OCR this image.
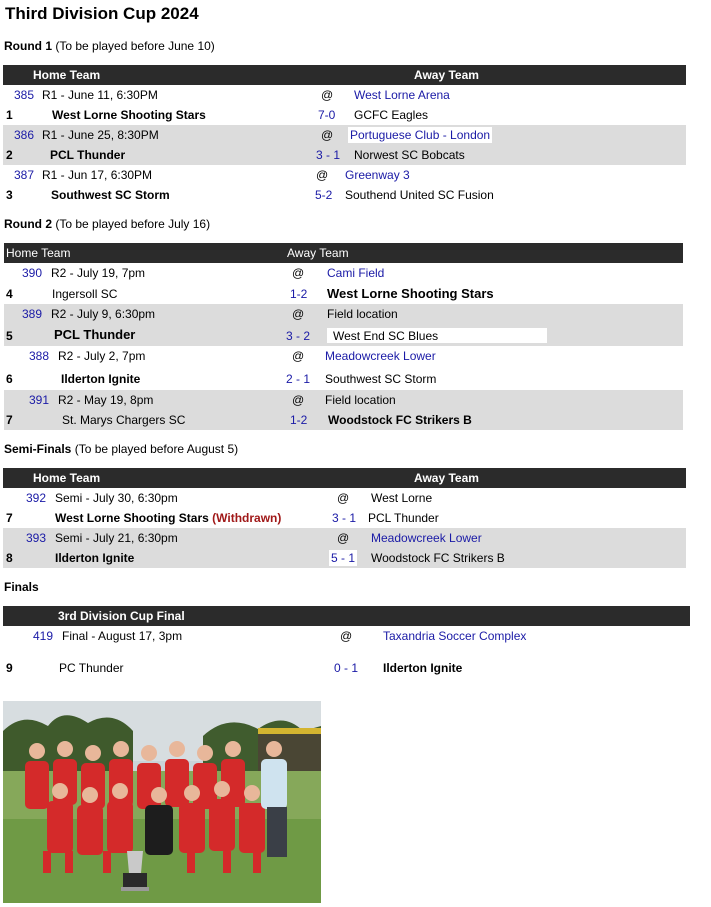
Third Division Cup 2024
Round 1 (To be played before June 10)
Home Team	Away Team
385 R1 - June 11, 6:30PM	@ West Lorne Arena
1	West Lorne Shooting Stars	7-0 GCFC Eagles
386 R1 - June 25, 8:30PM	@ Portuguese Club - London
2	PCL Thunder	3 - 1 Norwest SC Bobcats
387 R1 - Jun 17, 6:30PM	@ Greenway 3
3	Southwest SC Storm	5-2 Southend United SC Fusion
Round 2 (To be played before July 16)
Home Team	Away Team
390 R2 - July 19, 7pm	@ Cami Field
4	Ingersoll SC	1-2 West Lorne Shooting Stars
389 R2 - July 9, 6:30pm	@ Field location
5	PCL Thunder	3 - 2 West End SC Blues
388 R2 - July 2, 7pm	@ Meadowcreek Lower
6	Ilderton Ignite	2 - 1 Southwest SC Storm
391 R2 - May 19, 8pm	@ Field location
7	St. Marys Chargers SC	1-2 Woodstock FC Strikers B
Semi-Finals (To be played before August 5)
Home Team	Away Team
392 Semi - July 30, 6:30pm	@ West Lorne
7	West Lorne Shooting Stars (Withdrawn)	3 - 1 PCL Thunder
393 Semi - July 21, 6:30pm	@ Meadowcreek Lower
8	Ilderton Ignite	5 - 1 Woodstock FC Strikers B
Finals
3rd Division Cup Final
419 Final - August 17, 3pm	@	Taxandria Soccer Complex
9	PC Thunder	0 - 1 Ilderton Ignite
